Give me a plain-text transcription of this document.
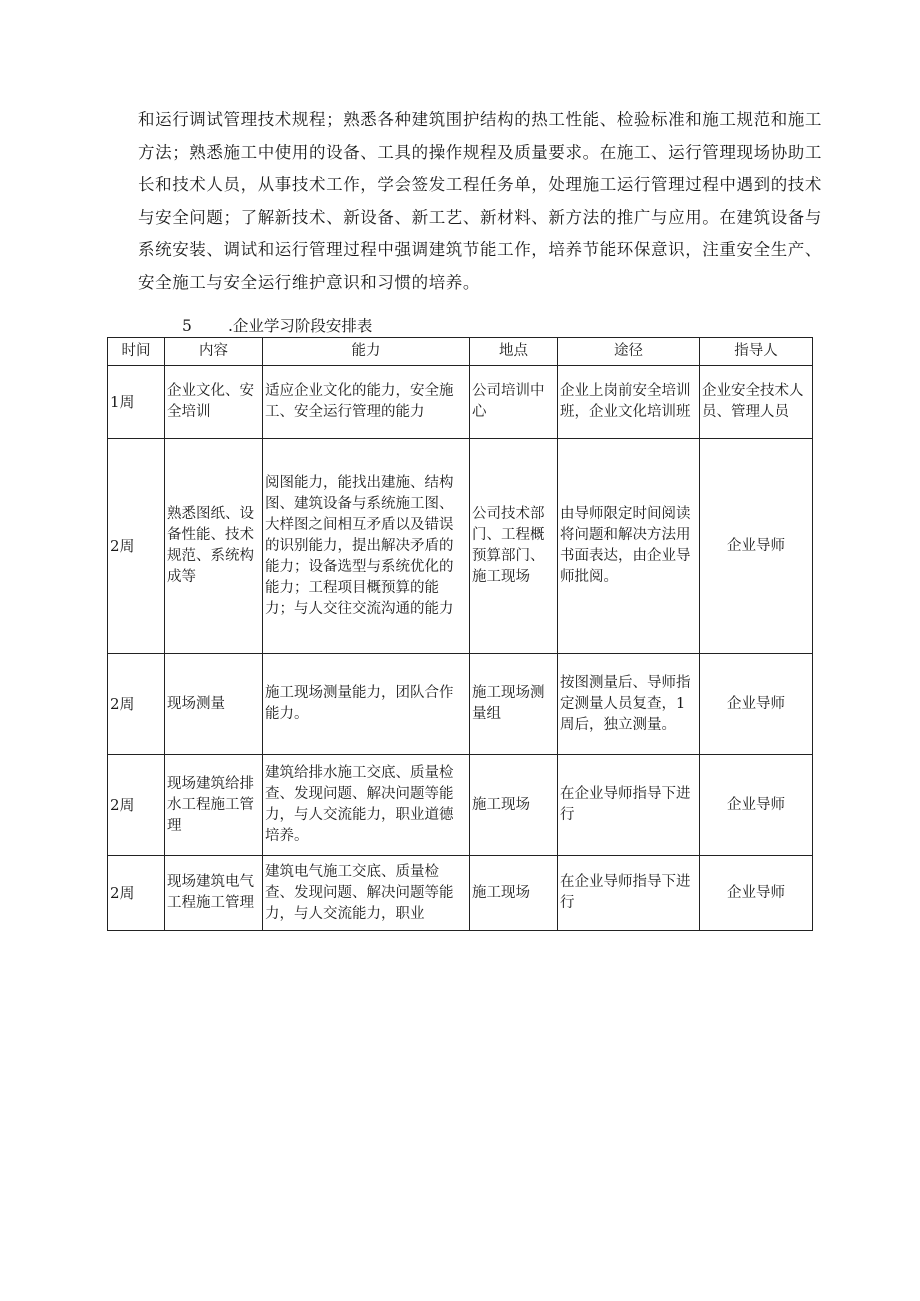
和运行调试管理技术规程；熟悉各种建筑围护结构的热工性能、检验标准和施工规范和施工
方法；熟悉施工中使用的设备、工具的操作规程及质量要求。在施工、运行管理现场协助工
长和技术人员，从事技术工作，学会签发工程任务单，处理施工运行管理过程中遇到的技术
与安全问题；了解新技术、新设备、新工艺、新材料、新方法的推广与应用。在建筑设备与
系统安装、调试和运行管理过程中强调建筑节能工作，培养节能环保意识，注重安全生产、
安全施工与安全运行维护意识和习惯的培养。
5 .企业学习阶段安排表
时间	内容	能力	地点	途径	指导人
1周	企业文化、安全培训	适应企业文化的能力，安全施工、安全运行管理的能力	公司培训中心	企业上岗前安全培训班，企业文化培训班	企业安全技术人员、管理人员
2周	熟悉图纸、设备性能、技术规范、系统构成等	阅图能力，能找出建施、结构图、建筑设备与系统施工图、大样图之间相互矛盾以及错误的识别能力，提出解决矛盾的能力；设备选型与系统优化的能力；工程项目概预算的能力；与人交往交流沟通的能力	公司技术部门、工程概预算部门、施工现场	由导师限定时间阅读将问题和解决方法用书面表达，由企业导师批阅。	企业导师
2周	现场测量	施工现场测量能力，团队合作能力。	施工现场测量组	按图测量后、导师指定测量人员复查，1周后，独立测量。	企业导师
2周	现场建筑给排水工程施工管理	建筑给排水施工交底、质量检查、发现问题、解决问题等能力，与人交流能力，职业道德培养。	施工现场	在企业导师指导下进行	企业导师
2周	现场建筑电气工程施工管理	建筑电气施工交底、质量检查、发现问题、解决问题等能力，与人交流能力，职业	施工现场	在企业导师指导下进行	企业导师
